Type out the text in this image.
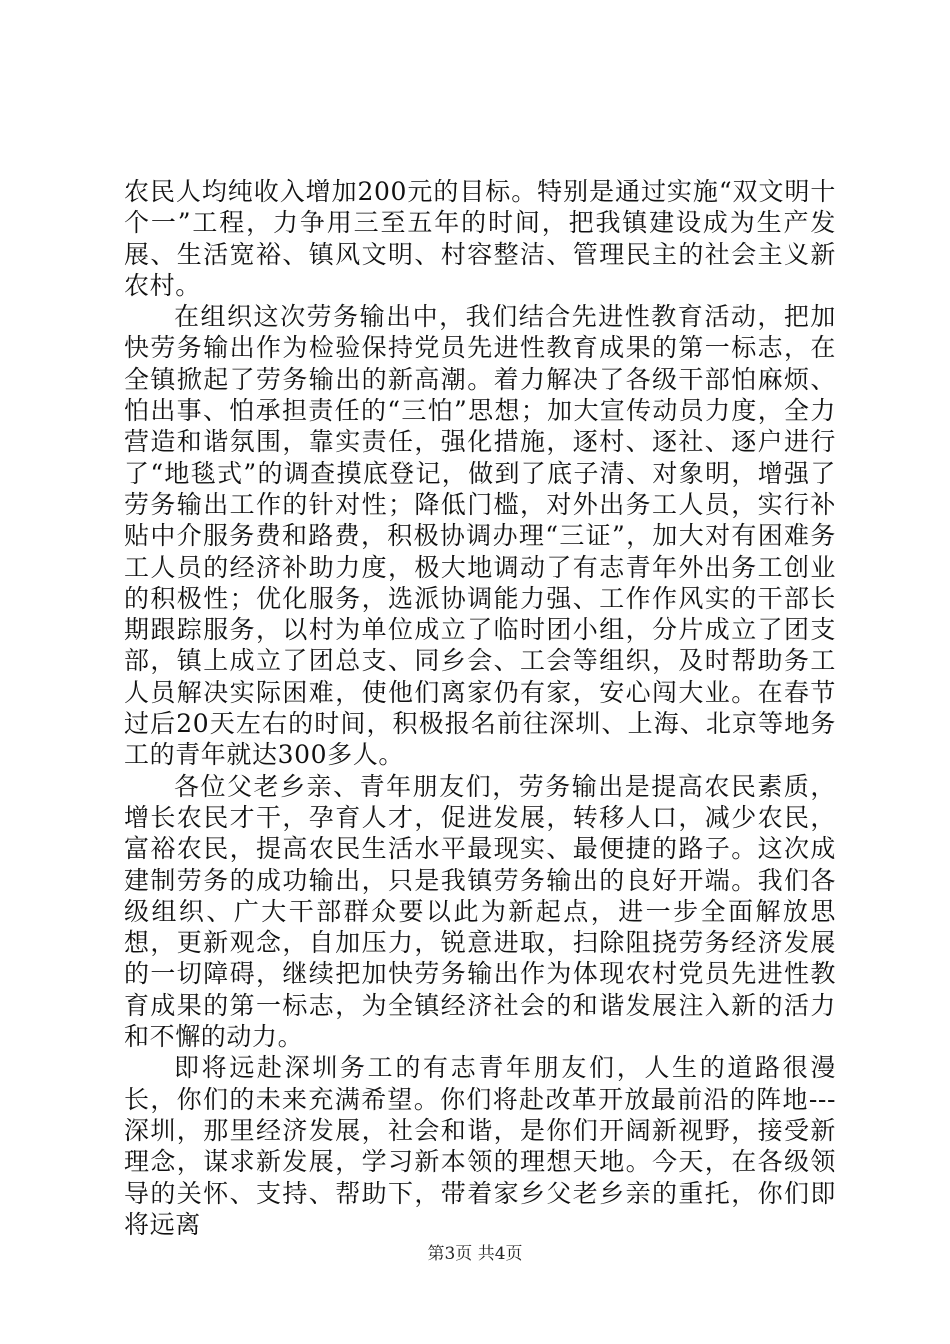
农民人均纯收入增加200元的目标。特别是通过实施“双文明十个一”工程，力争用三至五年的时间，把我镇建设成为生产发展、生活宽裕、镇风文明、村容整洁、管理民主的社会主义新农村。

在组织这次劳务输出中，我们结合先进性教育活动，把加快劳务输出作为检验保持党员先进性教育成果的第一标志，在全镇掀起了劳务输出的新高潮。着力解决了各级干部怕麻烦、怕出事、怕承担责任的“三怕”思想；加大宣传动员力度，全力营造和谐氛围，靠实责任，强化措施，逐村、逐社、逐户进行了“地毯式”的调查摸底登记，做到了底子清、对象明，增强了劳务输出工作的针对性；降低门槛，对外出务工人员，实行补贴中介服务费和路费，积极协调办理“三证”，加大对有困难务工人员的经济补助力度，极大地调动了有志青年外出务工创业的积极性；优化服务，选派协调能力强、工作作风实的干部长期跟踪服务，以村为单位成立了临时团小组，分片成立了团支部，镇上成立了团总支、同乡会、工会等组织，及时帮助务工人员解决实际困难，使他们离家仍有家，安心闯大业。在春节过后20天左右的时间，积极报名前往深圳、上海、北京等地务工的青年就达300多人。

各位父老乡亲、青年朋友们，劳务输出是提高农民素质，增长农民才干，孕育人才，促进发展，转移人口，减少农民，富裕农民，提高农民生活水平最现实、最便捷的路子。这次成建制劳务的成功输出，只是我镇劳务输出的良好开端。我们各级组织、广大干部群众要以此为新起点，进一步全面解放思想，更新观念，自加压力，锐意进取，扫除阻挠劳务经济发展的一切障碍，继续把加快劳务输出作为体现农村党员先进性教育成果的第一标志，为全镇经济社会的和谐发展注入新的活力和不懈的动力。

即将远赴深圳务工的有志青年朋友们，人生的道路很漫长，你们的未来充满希望。你们将赴改革开放最前沿的阵地---深圳，那里经济发展，社会和谐，是你们开阔新视野，接受新理念，谋求新发展，学习新本领的理想天地。今天，在各级领导的关怀、支持、帮助下，带着家乡父老乡亲的重托，你们即将远离

第3页 共4页
